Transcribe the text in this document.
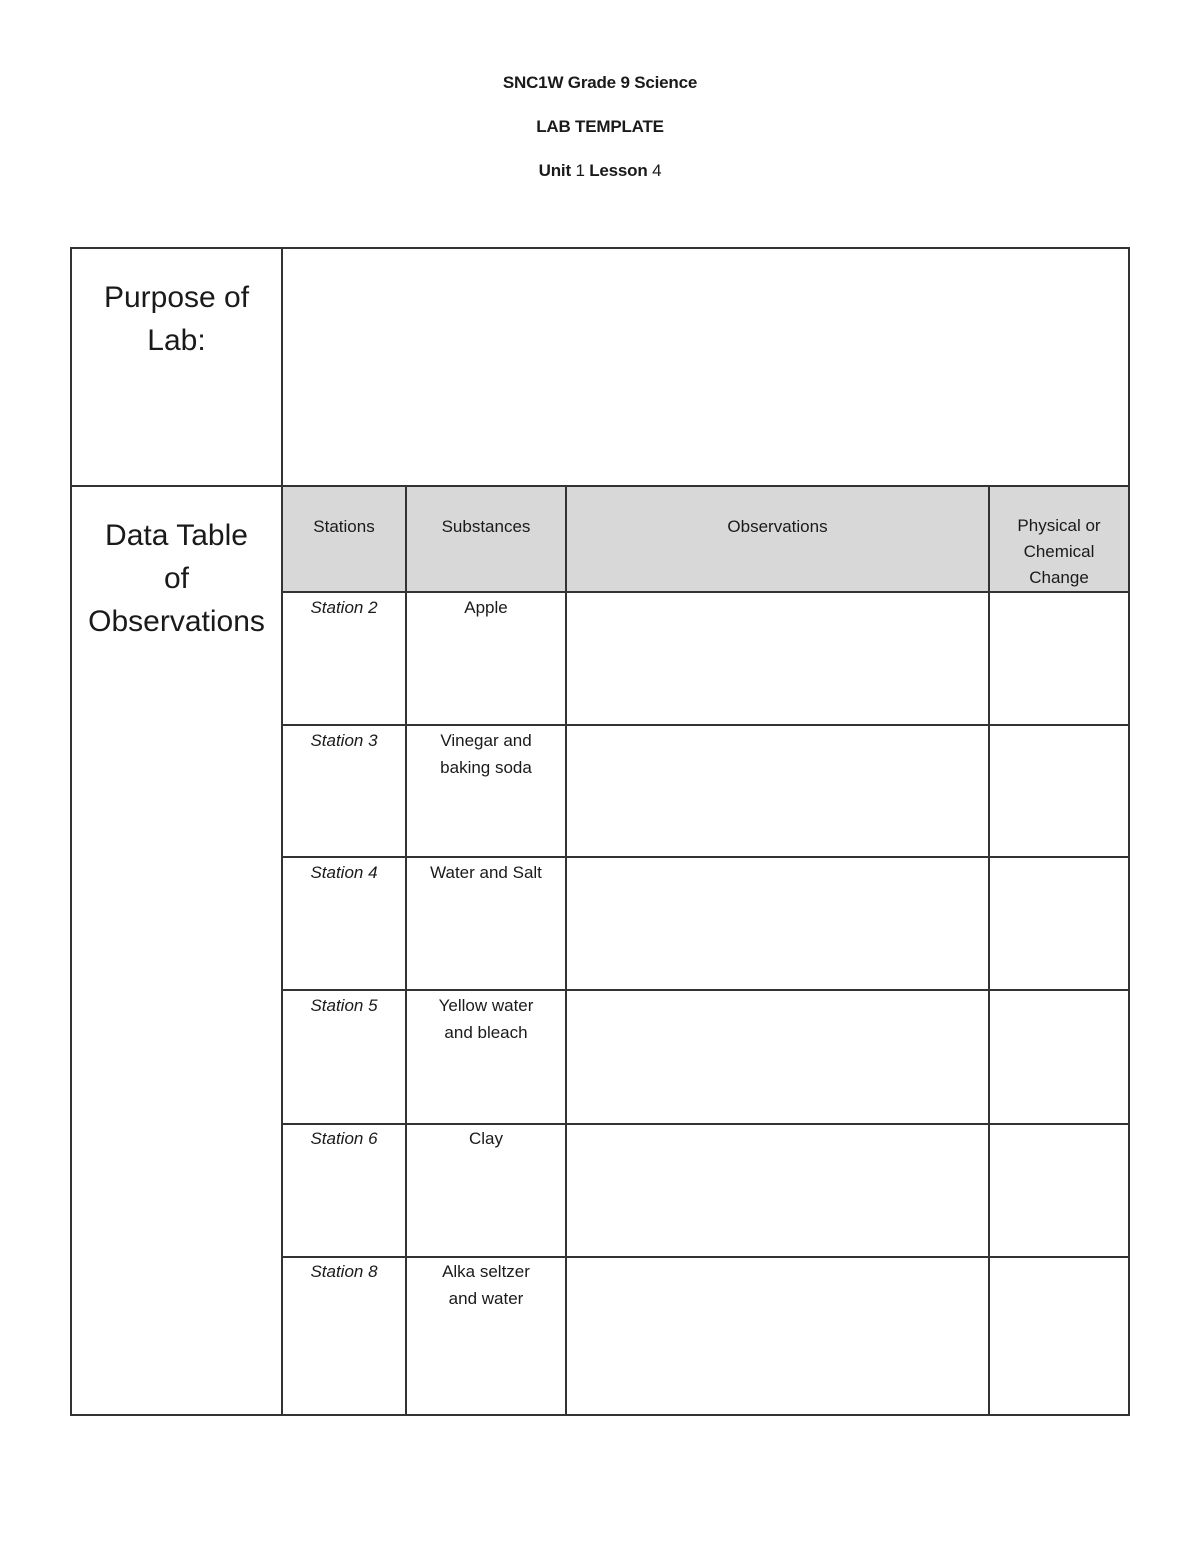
SNC1W Grade 9 Science
LAB TEMPLATE
Unit 1 Lesson 4
Purpose of
Lab:
Data Table
of
Observations
Stations	Substances	Observations	Physical or
Chemical
Change
Station 2	Apple
Station 3	Vinegar and
baking soda
Station 4	Water and Salt
Station 5	Yellow water
and bleach
Station 6	Clay
Station 8	Alka seltzer
and water
